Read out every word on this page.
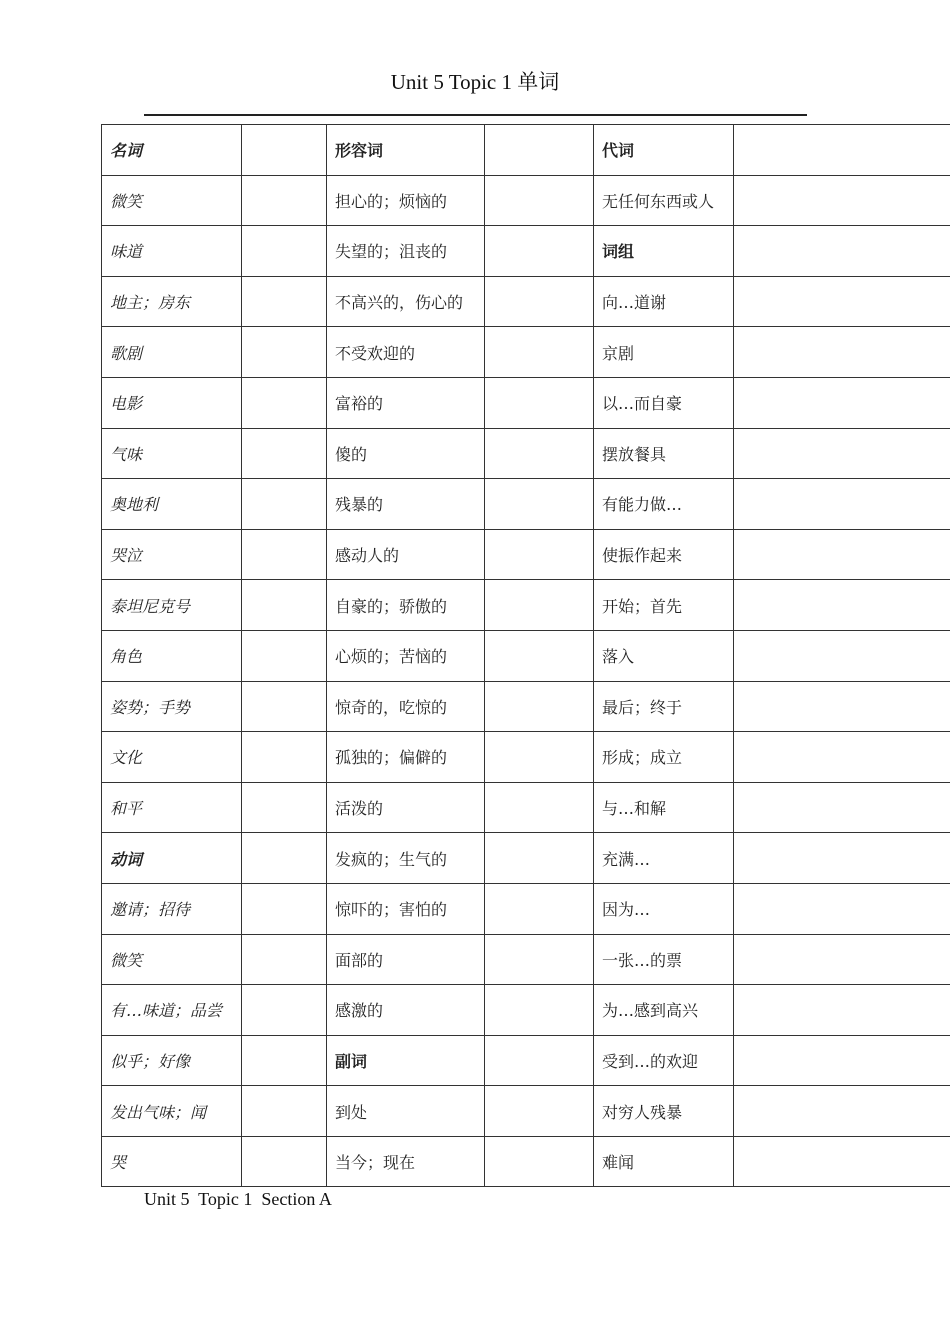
Unit 5 Topic 1 单词
名词		形容词		代词	
微笑		担心的；烦恼的		无任何东西或人	
味道		失望的；沮丧的		词组	
地主；房东		不高兴的，伤心的		向…道谢	
歌剧		不受欢迎的		京剧	
电影		富裕的		以…而自豪	
气味		傻的		摆放餐具	
奥地利		残暴的		有能力做…	
哭泣		感动人的		使振作起来	
泰坦尼克号		自豪的；骄傲的		开始；首先	
角色		心烦的；苦恼的		落入	
姿势；手势		惊奇的，吃惊的		最后；终于	
文化		孤独的；偏僻的		形成；成立	
和平		活泼的		与…和解	
动词		发疯的；生气的		充满…	
邀请；招待		惊吓的；害怕的		因为…	
微笑		面部的		一张…的票	
有…味道；品尝		感激的		为…感到高兴	
似乎；好像		副词		受到…的欢迎	
发出气味；闻		到处		对穷人残暴	
哭		当今；现在		难闻	
Unit 5  Topic 1  Section A
